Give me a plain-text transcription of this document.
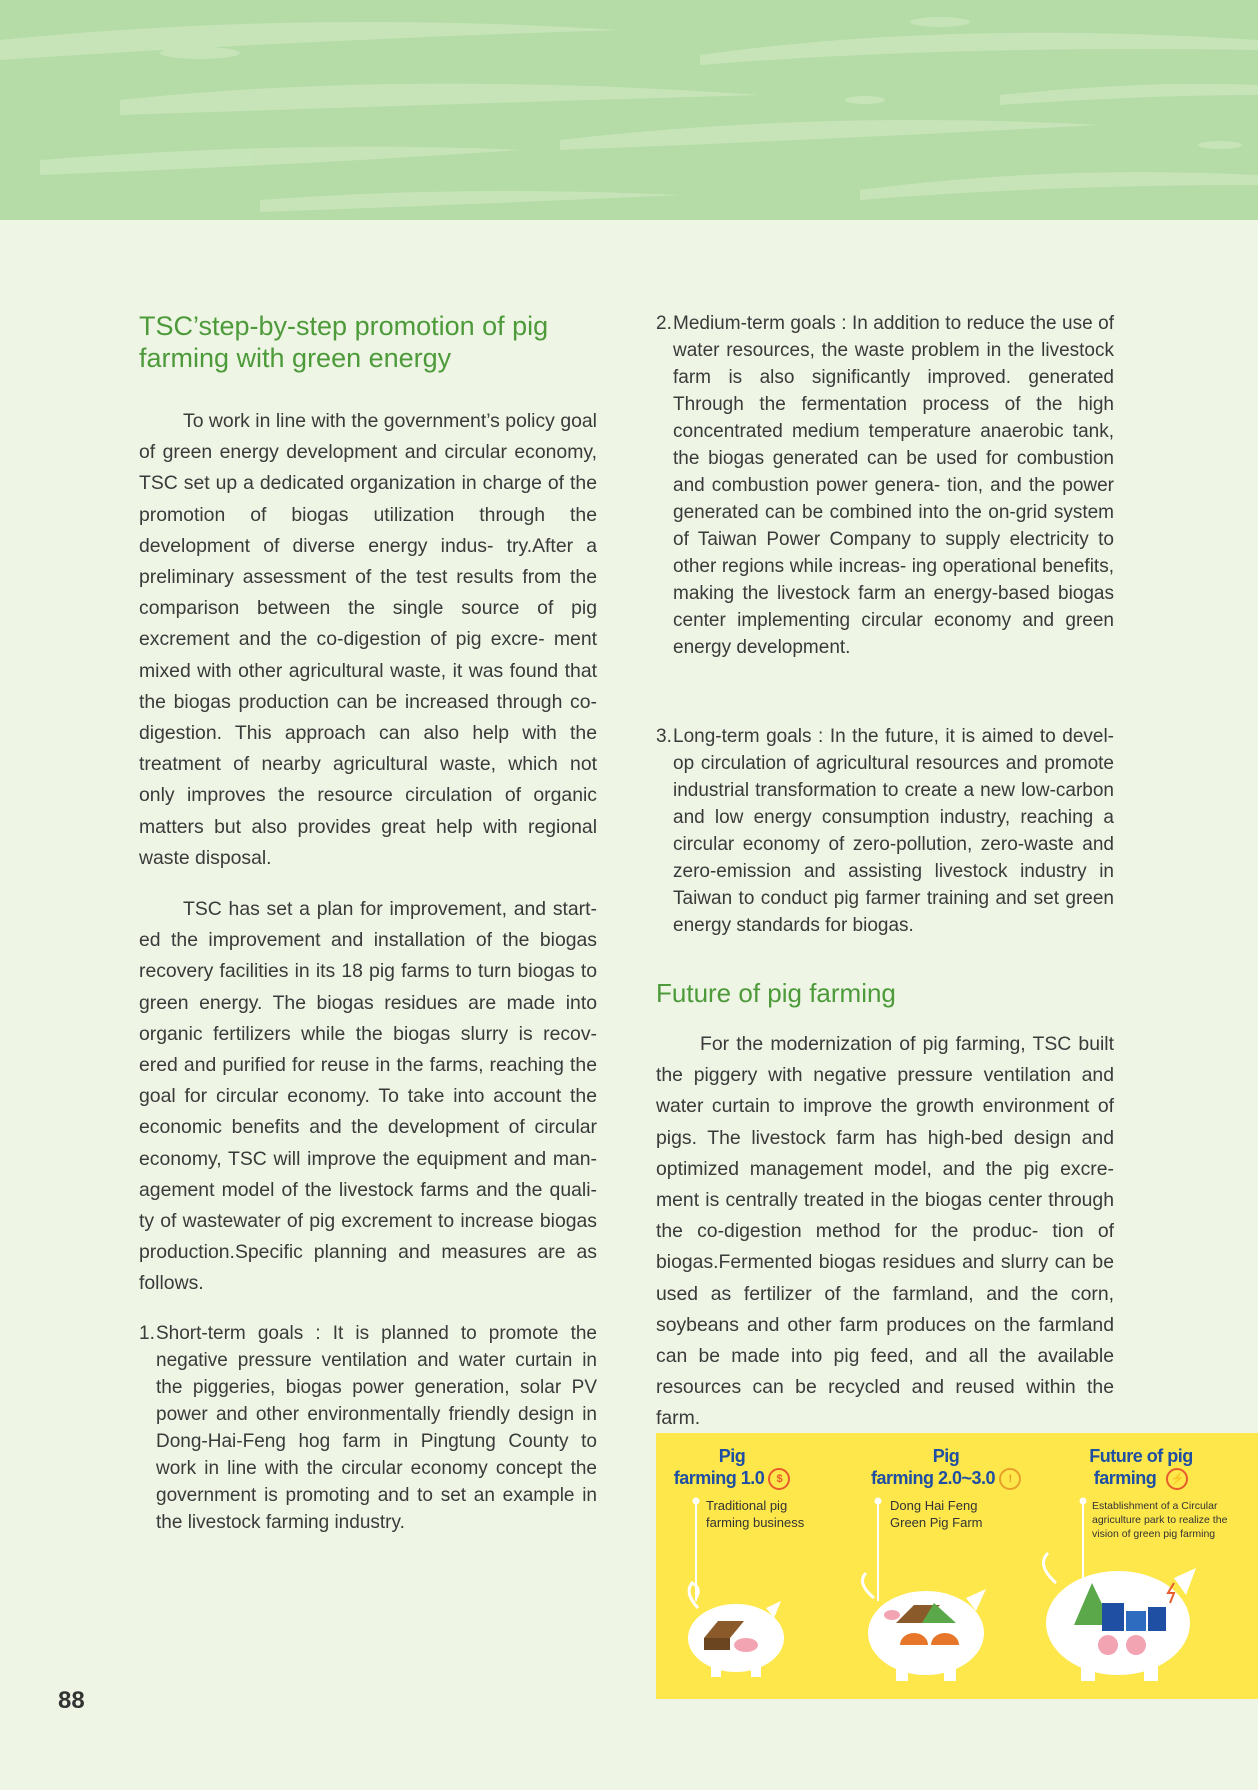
TSC’step-by-step promotion of pig farming with green energy

To work in line with the government’s policy goal of green energy development and circular economy, TSC set up a dedicated organization in charge of the promotion of biogas utilization through the development of diverse energy indus- try.After a preliminary assessment of the test results from the comparison between the single source of pig excrement and the co-digestion of pig excre- ment mixed with other agricultural waste, it was found that the biogas production can be increased through co-digestion. This approach can also help with the treatment of nearby agricultural waste, which not only improves the resource circulation of organic matters but also provides great help with regional waste disposal.

TSC has set a plan for improvement, and start- ed the improvement and installation of the biogas recovery facilities in its 18 pig farms to turn biogas to green energy. The biogas residues are made into organic fertilizers while the biogas slurry is recov- ered and purified for reuse in the farms, reaching the goal for circular economy. To take into account the economic benefits and the development of circular economy, TSC will improve the equipment and man- agement model of the livestock farms and the quali- ty of wastewater of pig excrement to increase biogas production.Specific planning and measures are as follows.

1. Short-term goals : It is planned to promote the negative pressure ventilation and water curtain in the piggeries, biogas power generation, solar PV power and other environmentally friendly design in Dong-Hai-Feng hog farm in Pingtung County to work in line with the circular economy concept the government is promoting and to set an example in the livestock farming industry.
2. Medium-term goals : In addition to reduce the use of water resources, the waste problem in the livestock farm is also significantly improved. generated Through the fermentation process of the high concentrated medium temperature anaerobic tank, the biogas generated can be used for combustion and combustion power genera- tion, and the power generated can be combined into the on-grid system of Taiwan Power Company to supply electricity to other regions while increas- ing operational benefits, making the livestock farm an energy-based biogas center implementing circular economy and green energy development.
3. Long-term goals : In the future, it is aimed to devel- op circulation of agricultural resources and promote industrial transformation to create a new low-carbon and low energy consumption industry, reaching a circular economy of zero-pollution, zero-waste and zero-emission and assisting livestock industry in Taiwan to conduct pig farmer training and set green energy standards for biogas.
Future of pig farming

For the modernization of pig farming, TSC built the piggery with negative pressure ventilation and water curtain to improve the growth environment of pigs. The livestock farm has high-bed design and optimized management model, and the pig excre- ment is centrally treated in the biogas center through the co-digestion method for the produc- tion of biogas.Fermented biogas residues and slurry can be used as fertilizer of the farmland, and the corn, soybeans and other farm produces on the farmland can be made into pig feed, and all the available resources can be recycled and reused within the farm.

Pig
farming 1.0 $
Traditional pig farming business
Pig
farming 2.0~3.0 !
Dong Hai Feng Green Pig Farm
Future of pig
farming ⚡
Establishment of a Circular agriculture park to realize the vision of green pig farming
88
